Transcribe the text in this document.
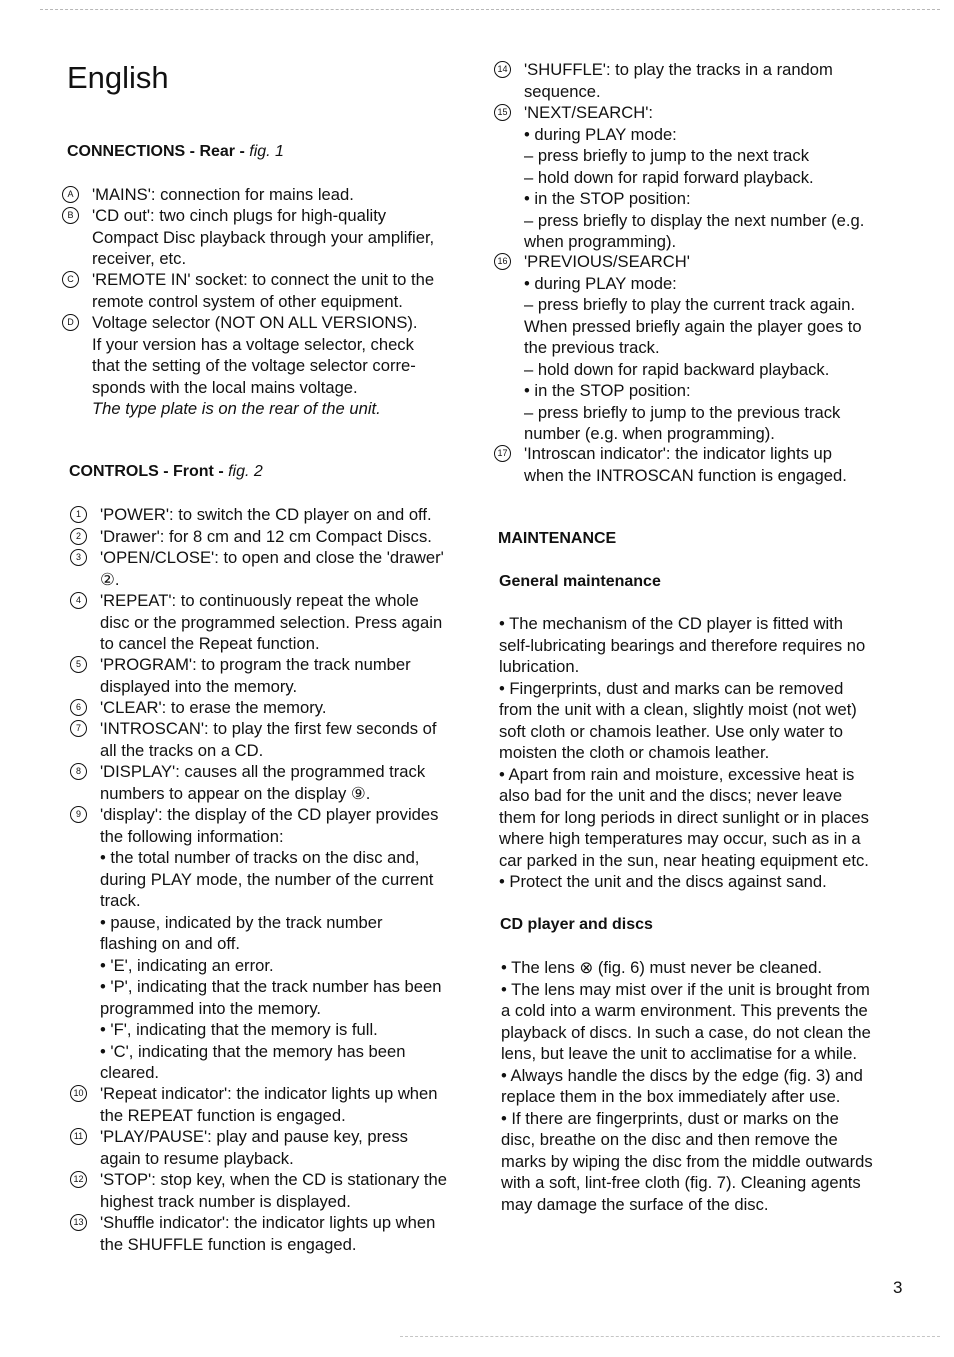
English
CONNECTIONS - Rear - fig. 1
A	'MAINS': connection for mains lead.
B	'CD out': two cinch plugs for high-quality
Compact Disc playback through your amplifier,
receiver, etc.
C	'REMOTE IN' socket: to connect the unit to the
remote control system of other equipment.
D	Voltage selector (NOT ON ALL VERSIONS).
If your version has a voltage selector, check
that the setting of the voltage selector corre-
sponds with the local mains voltage.
The type plate is on the rear of the unit.
CONTROLS - Front - fig. 2
1	'POWER': to switch the CD player on and off.
2	'Drawer': for 8 cm and 12 cm Compact Discs.
3	'OPEN/CLOSE': to open and close the 'drawer'
②.
4	'REPEAT': to continuously repeat the whole
disc or the programmed selection. Press again
to cancel the Repeat function.
5	'PROGRAM': to program the track number
displayed into the memory.
6	'CLEAR': to erase the memory.
7	'INTROSCAN': to play the first few seconds of
all the tracks on a CD.
8	'DISPLAY': causes all the programmed track
numbers to appear on the display ⑨.
9	'display': the display of the CD player provides
the following information:
• the total number of tracks on the disc and,
during PLAY mode, the number of the current
track.
• pause, indicated by the track number
flashing on and off.
• 'E', indicating an error.
• 'P', indicating that the track number has been
programmed into the memory.
• 'F', indicating that the memory is full.
• 'C', indicating that the memory has been
cleared.
10 'Repeat indicator': the indicator lights up when
the REPEAT function is engaged.
11 'PLAY/PAUSE': play and pause key, press
again to resume playback.
12 'STOP': stop key, when the CD is stationary the
highest track number is displayed.
13 'Shuffle indicator': the indicator lights up when
the SHUFFLE function is engaged.
14 'SHUFFLE': to play the tracks in a random
sequence.
15 'NEXT/SEARCH':
• during PLAY mode:
– press briefly to jump to the next track
– hold down for rapid forward playback.
• in the STOP position:
– press briefly to display the next number (e.g.
when programming).
16 'PREVIOUS/SEARCH'
• during PLAY mode:
– press briefly to play the current track again.
When pressed briefly again the player goes to
the previous track.
– hold down for rapid backward playback.
• in the STOP position:
– press briefly to jump to the previous track
number (e.g. when programming).
17 'Introscan indicator': the indicator lights up
when the INTROSCAN function is engaged.
MAINTENANCE
General maintenance
• The mechanism of the CD player is fitted with
self-lubricating bearings and therefore requires no
lubrication.
• Fingerprints, dust and marks can be removed
from the unit with a clean, slightly moist (not wet)
soft cloth or chamois leather. Use only water to
moisten the cloth or chamois leather.
• Apart from rain and moisture, excessive heat is
also bad for the unit and the discs; never leave
them for long periods in direct sunlight or in places
where high temperatures may occur, such as in a
car parked in the sun, near heating equipment etc.
• Protect the unit and the discs against sand.
CD player and discs
• The lens ⊗ (fig. 6) must never be cleaned.
• The lens may mist over if the unit is brought from
a cold into a warm environment. This prevents the
playback of discs. In such a case, do not clean the
lens, but leave the unit to acclimatise for a while.
• Always handle the discs by the edge (fig. 3) and
replace them in the box immediately after use.
• If there are fingerprints, dust or marks on the
disc, breathe on the disc and then remove the
marks by wiping the disc from the middle outwards
with a soft, lint-free cloth (fig. 7). Cleaning agents
may damage the surface of the disc.
3
